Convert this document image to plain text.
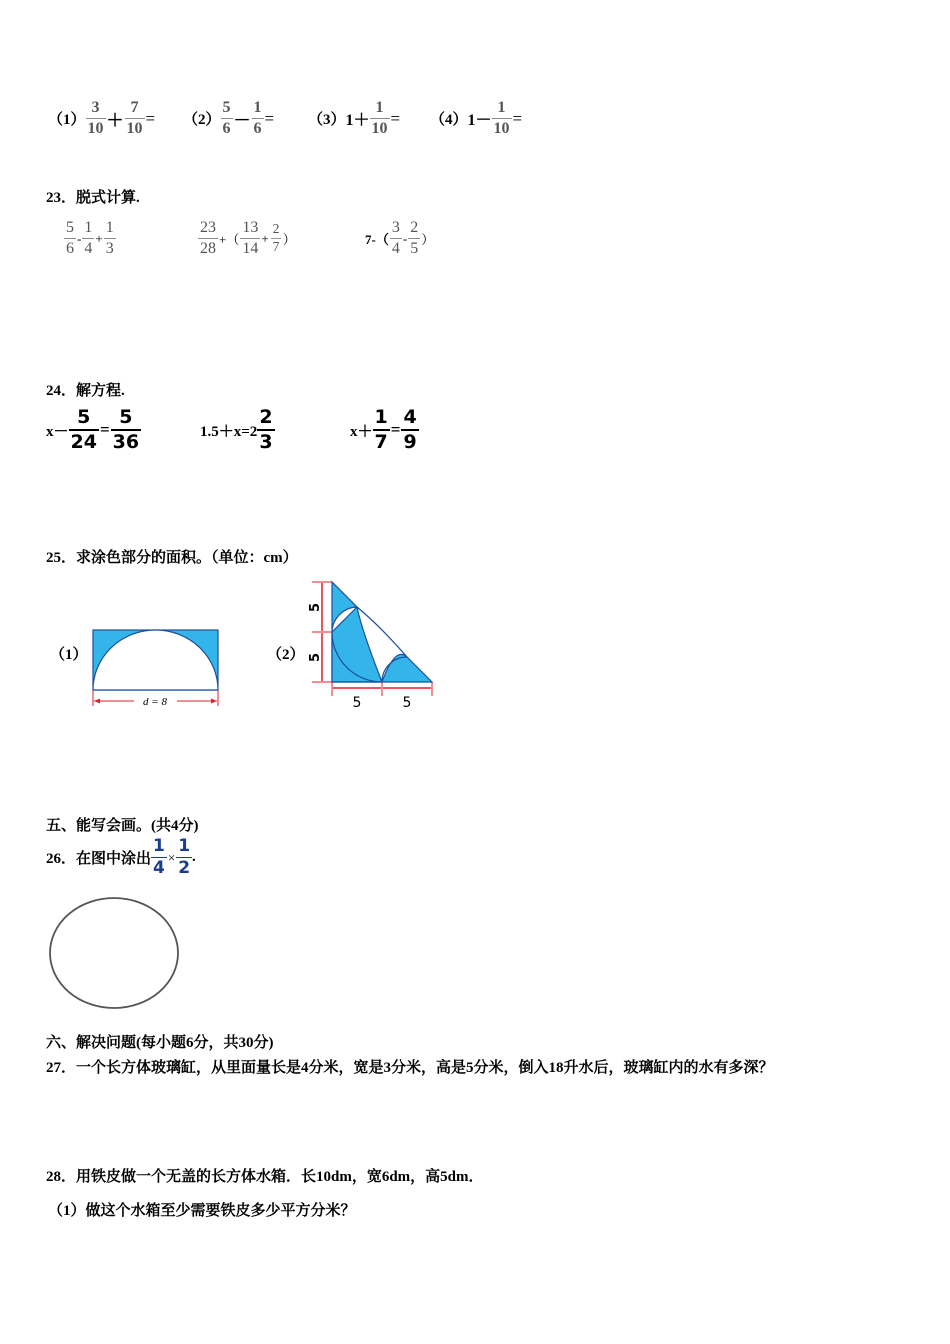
$(1) \frac{3}{10} + \frac{7}{10} = (2) \frac{5}{6} - \frac{1}{6} = (3)$ $1+ \frac{1}{10} = (4)$ $1- \frac{1}{10}$ =
23．脱式计算.
$\frac{5}{6} - \frac{1}{4} + \frac{1}{3}$	$\frac{23}{28}$ +（ $\frac{13}{14} + \frac{2}{7}$ ）	$7-( \frac{3}{4} - \frac{2}{5}$ ）
24．解方程.
$x- \frac{5}{24} = \frac{5}{36}$	$1.5+x=2 \frac{2}{3}$	$x+ \frac{1}{7} = \frac{4}{9}$
25．求涂色部分的面积。（单位：cm）
（1）
d = 8
（2）
5
5
5	5
五、能写会画。(共4分)
26．在图中涂出 $\frac{1}{4} \times \frac{1}{2}$ .
六、解决问题(每小题6分，共30分)
27．一个长方体玻璃缸，从里面量长是4分米，宽是3分米，高是5分米，倒入18升水后，玻璃缸内的水有多深？
28．用铁皮做一个无盖的长方体水箱．长10dm，宽6dm，高5dm．
（1）做这个水箱至少需要铁皮多少平方分米？
